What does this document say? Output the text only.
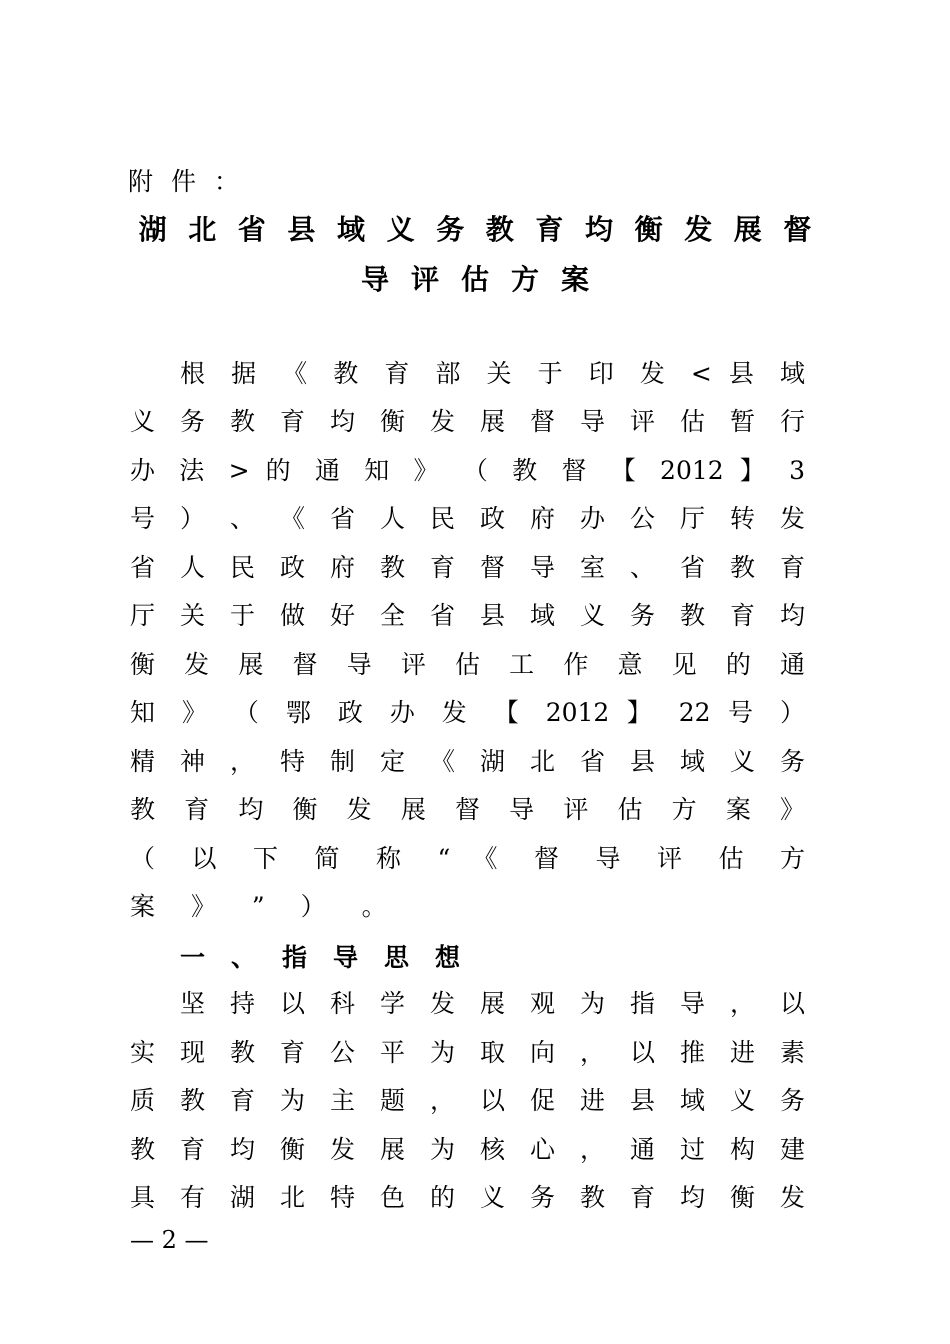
附件：
湖北省县域义务教育均衡发展督
导评估方案
根 据 《 教 育 部 关 于 印 发 < 县 域
义 务 教 育 均 衡 发 展 督 导 评 估 暂 行
办 法 > 的 通 知 》 （ 教 督 【 2012 】 3
号 ） 、 《 省 人 民 政 府 办 公 厅 转 发
省 人 民 政 府 教 育 督 导 室 、 省 教 育
厅 关 于 做 好 全 省 县 域 义 务 教 育 均
衡 发 展 督 导 评 估 工 作 意 见 的 通
知 》 （ 鄂 政 办 发 【 2012 】 22 号 ）
精 神 ， 特 制 定 《 湖 北 省 县 域 义 务
教 育 均 衡 发 展 督 导 评 估 方 案 》
（ 以 下 简 称 “ 《 督 导 评 估 方
案 》 ” ） 。
一、指导思想
坚 持 以 科 学 发 展 观 为 指 导 ， 以
实 现 教 育 公 平 为 取 向 ， 以 推 进 素
质 教 育 为 主 题 ， 以 促 进 县 域 义 务
教 育 均 衡 发 展 为 核 心 ， 通 过 构 建
具 有 湖 北 特 色 的 义 务 教 育 均 衡 发
— 2 —
